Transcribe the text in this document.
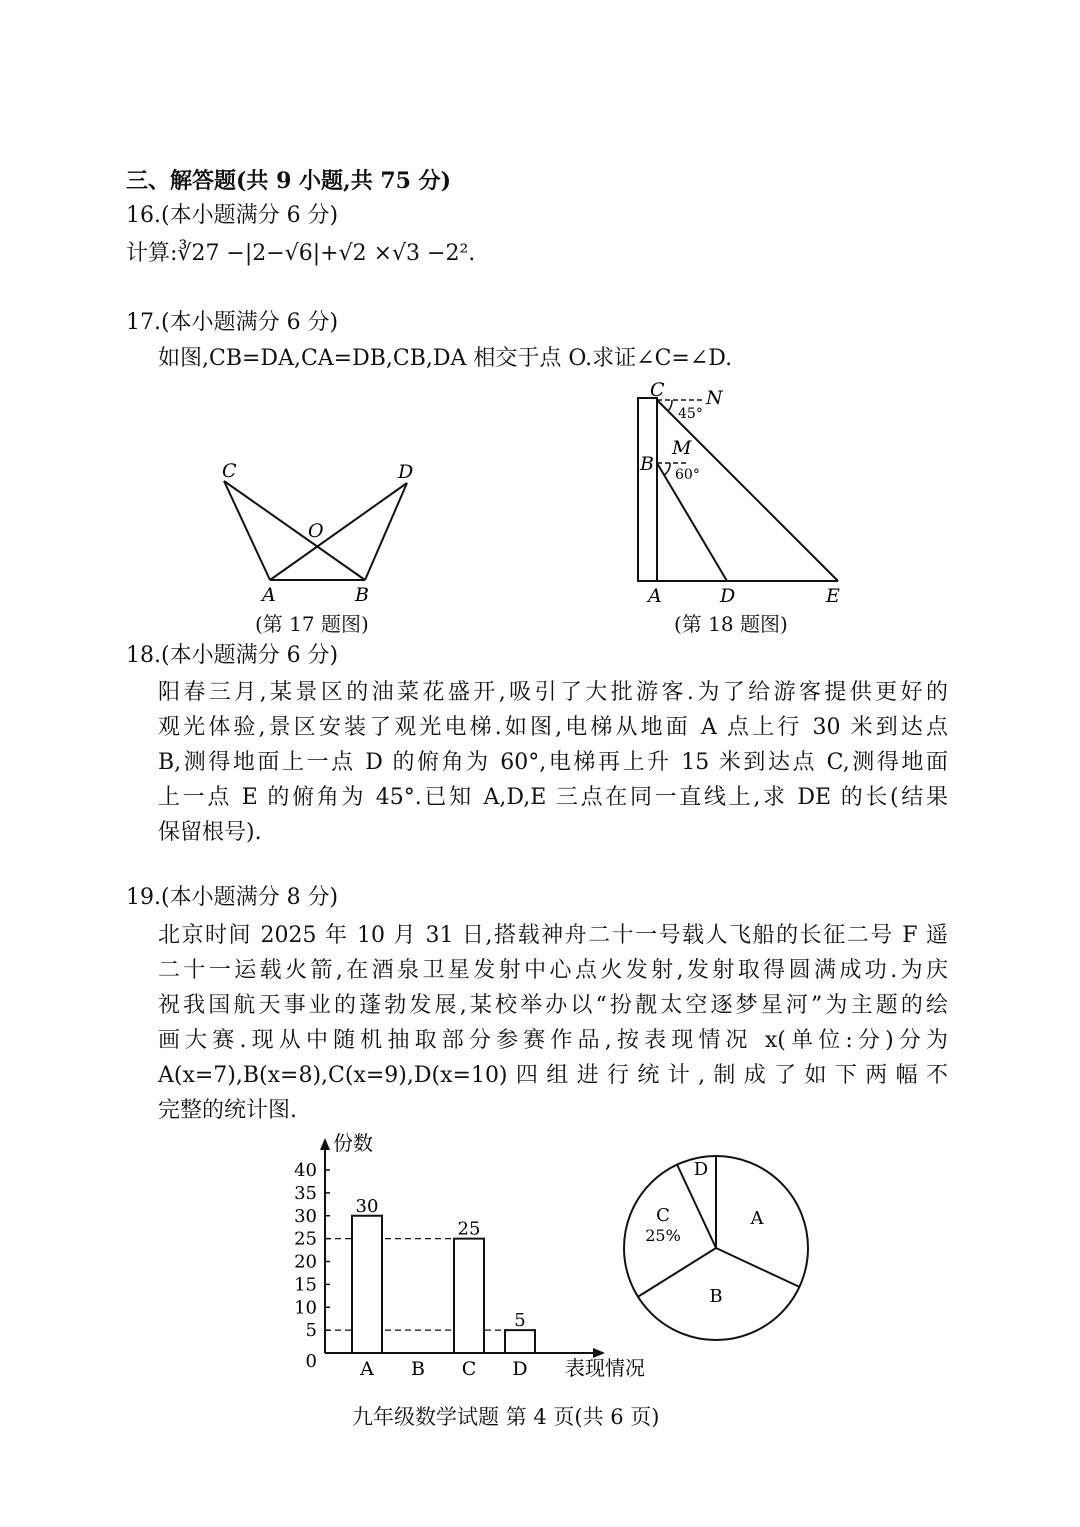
三、解答题(共 9 小题,共 75 分)
16.(本小题满分 6 分)
计算:∛27 −|2−√6|+√2 ×√3 −2².
17.(本小题满分 6 分)
如图,CB=DA,CA=DB,CB,DA 相交于点 O.求证∠C=∠D.
C	D
O
A	B
(第 17 题图)
C N
45°
M
B 60°
A	D	E
(第 18 题图)
18.(本小题满分 6 分)
阳春三月,某景区的油菜花盛开,吸引了大批游客.为了给游客提供更好的
观光体验,景区安装了观光电梯.如图,电梯从地面 A 点上行 30 米到达点
B,测得地面上一点 D 的俯角为 60°,电梯再上升 15 米到达点 C,测得地面
上一点 E 的俯角为 45°.已知 A,D,E 三点在同一直线上,求 DE 的长(结果
保留根号).
19.(本小题满分 8 分)
北京时间 2025 年 10 月 31 日,搭载神舟二十一号载人飞船的长征二号 F 遥
二十一运载火箭,在酒泉卫星发射中心点火发射,发射取得圆满成功.为庆
祝我国航天事业的蓬勃发展,某校举办以“扮靓太空逐梦星河”为主题的绘
画大赛.现从中随机抽取部分参赛作品,按表现情况 x(单位:分)分为
A(x=7),B(x=8),C(x=9),D(x=10)四组进行统计,制成了如下两幅不
完整的统计图.
份数
表现情况
0
5
10
15
20
25
30
35
40
30
A B
25
C
5
D
A
B
C
D
25%
九年级数学试题 第 4 页(共 6 页)
